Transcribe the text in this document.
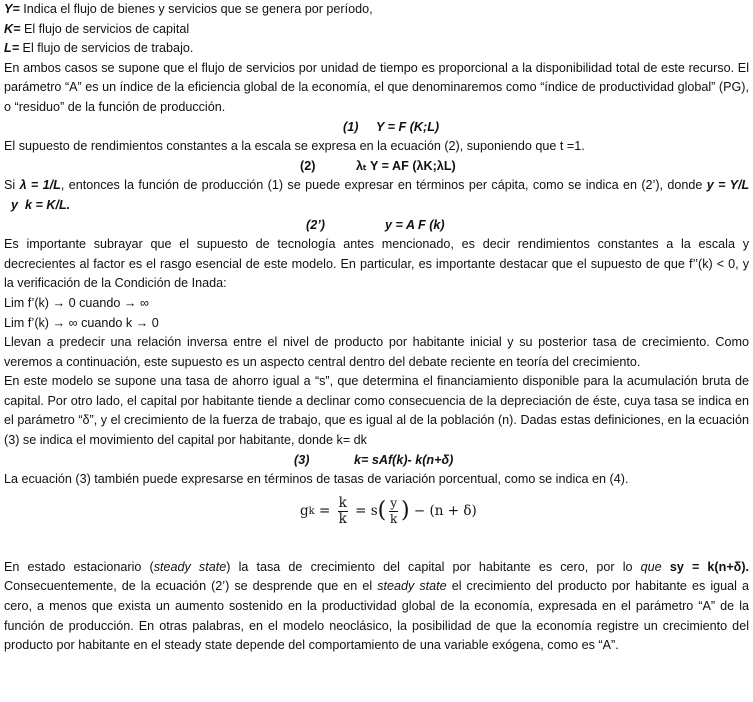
Y= Indica el flujo de bienes y servicios que se genera por período,

K= El flujo de servicios de capital

L= El flujo de servicios de trabajo.

En ambos casos se supone que el flujo de servicios por unidad de tiempo es proporcional a la disponibilidad total de este recurso. El parámetro “A” es un índice de la eficiencia global de la economía, el que denominaremos como “índice de productividad global” (PG), o “residuo” de la función de producción.

(1) Y = F (K;L)

El supuesto de rendimientos constantes a la escala se expresa en la ecuación (2), suponiendo que t =1.

(2)	λₜ Y = AF (λK;λL)

Si λ = 1/L, entonces la función de producción (1) se puede expresar en términos per cápita, como se indica en (2’), donde y = Y/L  y  k = K/L.

(2’)	y = A F (k)

Es importante subrayar que el supuesto de tecnología antes mencionado, es decir rendimientos constantes a la escala y decrecientes al factor es el rasgo esencial de este modelo. En particular, es importante destacar que el supuesto de que f’’(k) < 0, y la verificación de la Condición de Inada:

Lim f’(k) → 0 cuando → ∞

Lim f’(k) → ∞ cuando k → 0

Llevan a predecir una relación inversa entre el nivel de producto por habitante inicial y su posterior tasa de crecimiento. Como veremos a continuación, este supuesto es un aspecto central dentro del debate reciente en teoría del crecimiento.

En este modelo se supone una tasa de ahorro igual a “s”, que determina el financiamiento disponible para la acumulación bruta de capital. Por otro lado, el capital por habitante tiende a declinar como consecuencia de la depreciación de éste, cuya tasa se indica en el parámetro “δ”, y el crecimiento de la fuerza de trabajo, que es igual al de la población (n). Dadas estas definiciones, en la ecuación (3) se indica el movimiento del capital por habitante, donde k= dk

(3)	k= sAf(k)- k(n+δ)

La ecuación (3) también puede expresarse en términos de tasas de variación porcentual, como se indica en (4).

g $k = \frac{k}{k} = s$ ( $\frac{y}{k}$ ) − (n + δ)

En estado estacionario (steady state) la tasa de crecimiento del capital por habitante es cero, por lo que sy = k(n+δ). Consecuentemente, de la ecuación (2’) se desprende que en el steady state el crecimiento del producto por habitante es igual a cero, a menos que exista un aumento sostenido en la productividad global de la economía, expresada en el parámetro “A” de la función de producción. En otras palabras, en el modelo neoclásico, la posibilidad de que la economía registre un crecimiento del producto por habitante en el steady state depende del comportamiento de una variable exógena, como es “A”.
